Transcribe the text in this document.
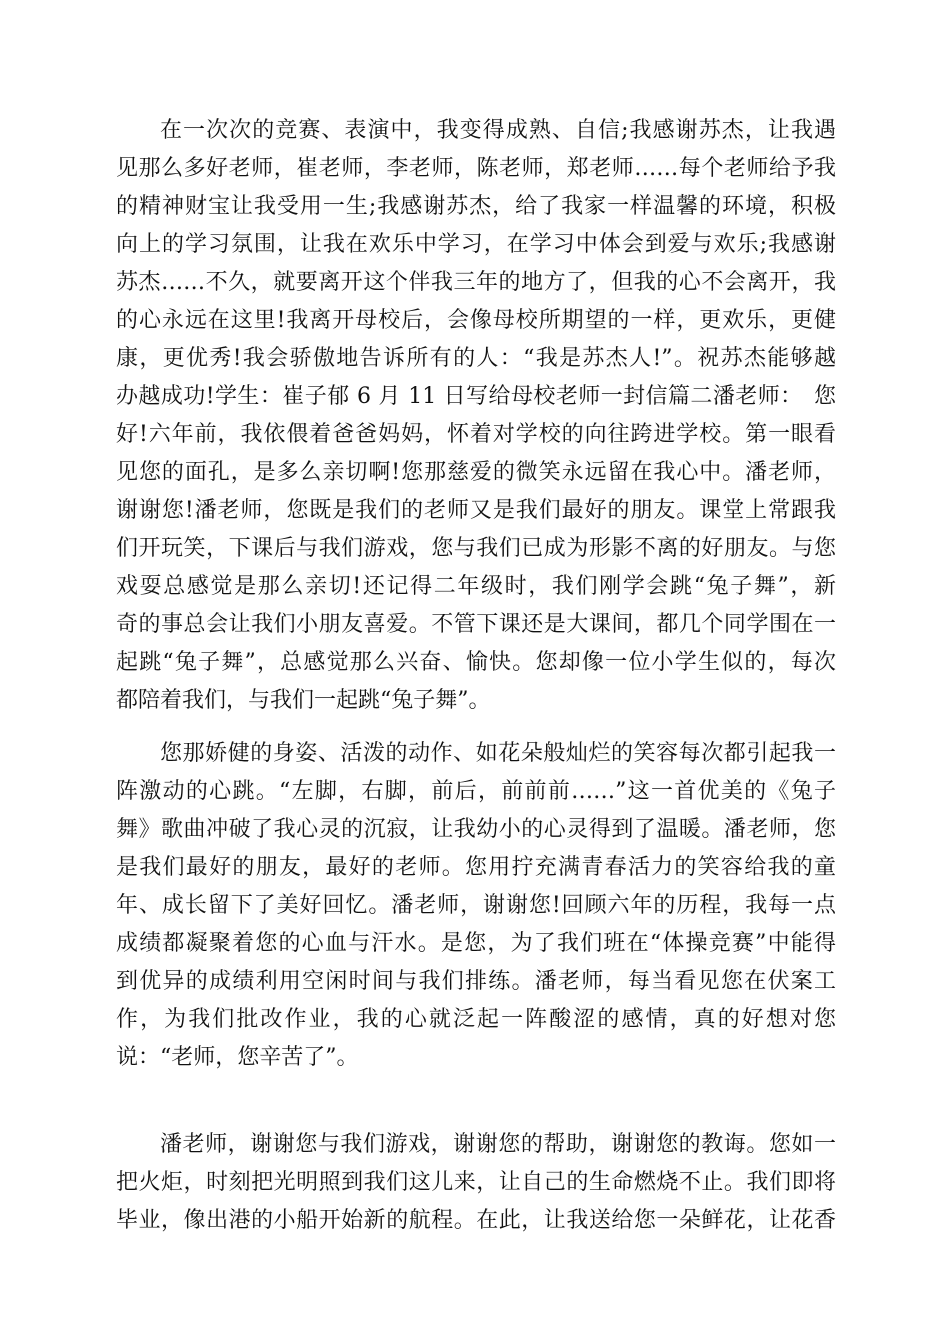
在一次次的竞赛、表演中，我变得成熟、自信;我感谢苏杰，让我遇
见那么多好老师，崔老师，李老师，陈老师，郑老师……每个老师给予我
的精神财宝让我受用一生;我感谢苏杰，给了我家一样温馨的环境，积极
向上的学习氛围，让我在欢乐中学习，在学习中体会到爱与欢乐;我感谢
苏杰……不久，就要离开这个伴我三年的地方了，但我的心不会离开，我
的心永远在这里!我离开母校后，会像母校所期望的一样，更欢乐，更健
康，更优秀!我会骄傲地告诉所有的人：“我是苏杰人!”。祝苏杰能够越
办越成功!学生：崔子郁 6 月 11 日写给母校老师一封信篇二潘老师：　您
好!六年前，我依偎着爸爸妈妈，怀着对学校的向往跨进学校。第一眼看
见您的面孔，是多么亲切啊!您那慈爱的微笑永远留在我心中。潘老师，
谢谢您!潘老师，您既是我们的老师又是我们最好的朋友。课堂上常跟我
们开玩笑，下课后与我们游戏，您与我们已成为形影不离的好朋友。与您
戏耍总感觉是那么亲切!还记得二年级时，我们刚学会跳“兔子舞”，新
奇的事总会让我们小朋友喜爱。不管下课还是大课间，都几个同学围在一
起跳“兔子舞”，总感觉那么兴奋、愉快。您却像一位小学生似的，每次
都陪着我们，与我们一起跳“兔子舞”。
您那娇健的身姿、活泼的动作、如花朵般灿烂的笑容每次都引起我一
阵激动的心跳。“左脚，右脚，前后，前前前……”这一首优美的《兔子
舞》歌曲冲破了我心灵的沉寂，让我幼小的心灵得到了温暖。潘老师，您
是我们最好的朋友，最好的老师。您用拧充满青春活力的笑容给我的童
年、成长留下了美好回忆。潘老师，谢谢您!回顾六年的历程，我每一点
成绩都凝聚着您的心血与汗水。是您，为了我们班在“体操竞赛”中能得
到优异的成绩利用空闲时间与我们排练。潘老师，每当看见您在伏案工
作，为我们批改作业，我的心就泛起一阵酸涩的感情，真的好想对您
说：“老师，您辛苦了”。
潘老师，谢谢您与我们游戏，谢谢您的帮助，谢谢您的教诲。您如一
把火炬，时刻把光明照到我们这儿来，让自己的生命燃烧不止。我们即将
毕业，像出港的小船开始新的航程。在此，让我送给您一朵鲜花，让花香
